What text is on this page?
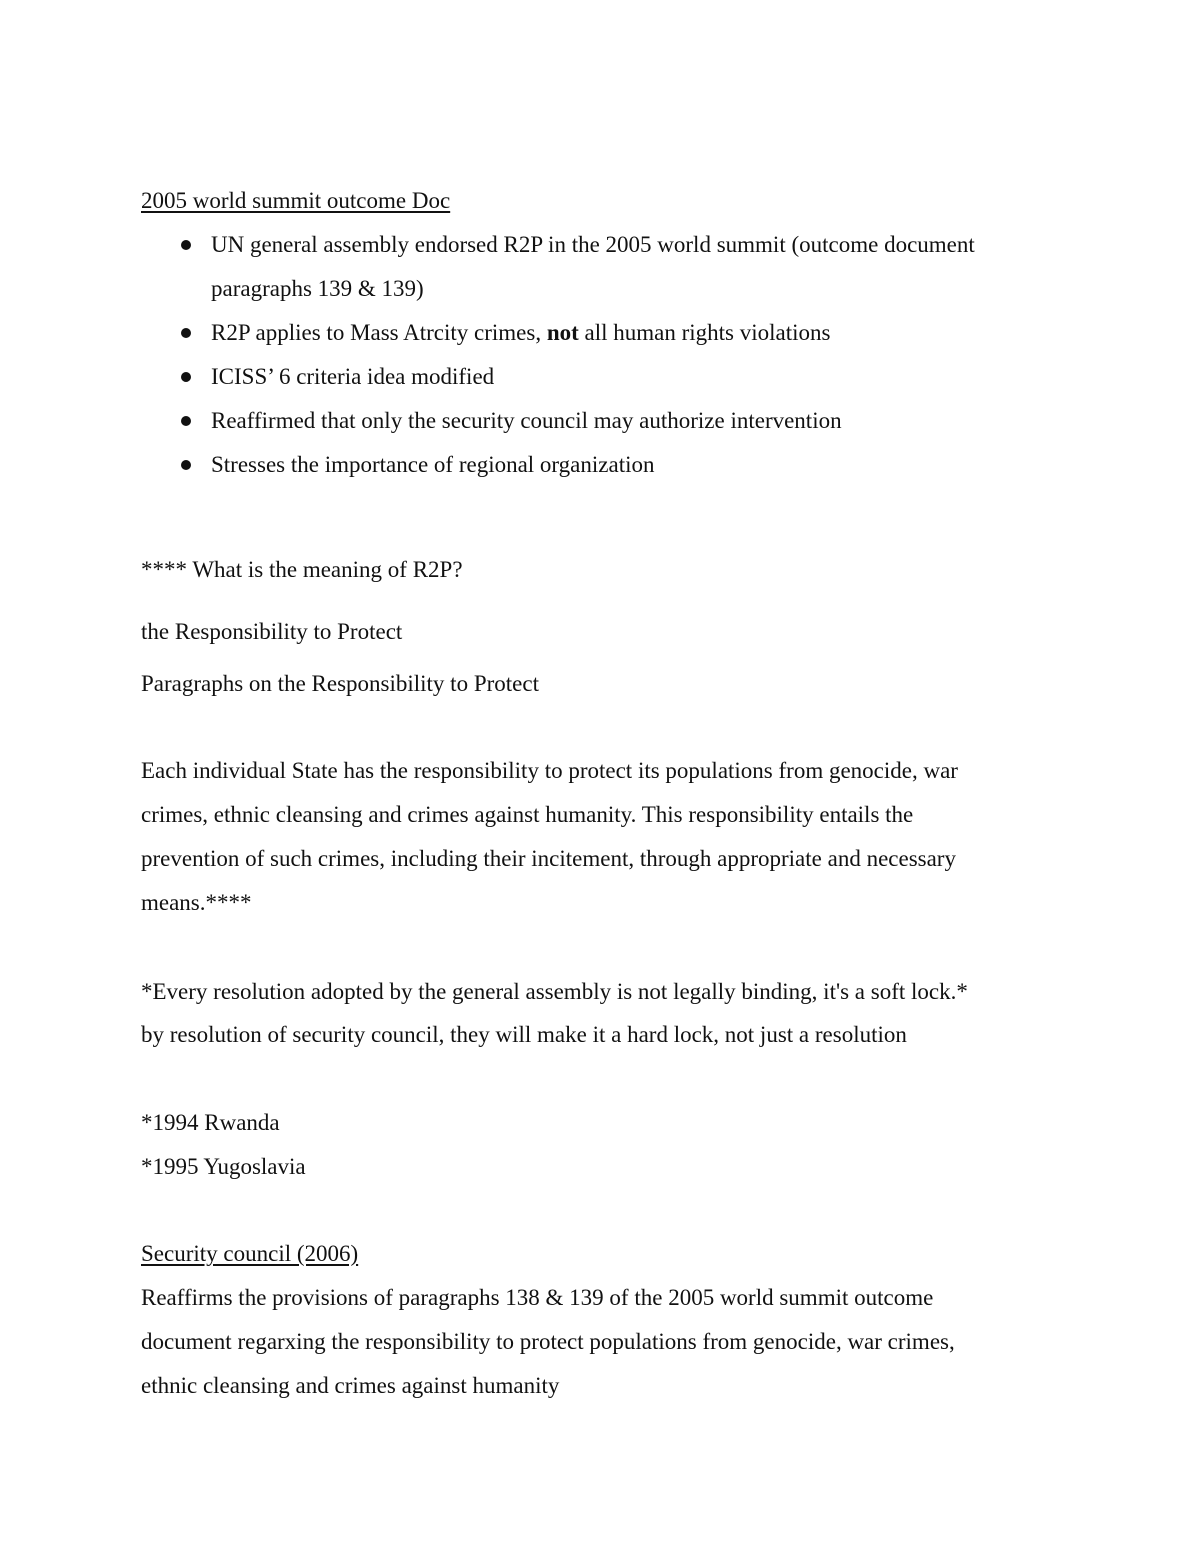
2005 world summit outcome Doc
UN general assembly endorsed R2P in the 2005 world summit (outcome document
paragraphs 139 & 139)
R2P applies to Mass Atrcity crimes, not all human rights violations
ICISS’ 6 criteria idea modified
Reaffirmed that only the security council may authorize intervention
Stresses the importance of regional organization
**** What is the meaning of R2P?
the Responsibility to Protect
Paragraphs on the Responsibility to Protect
Each individual State has the responsibility to protect its populations from genocide, war
crimes, ethnic cleansing and crimes against humanity. This responsibility entails the
prevention of such crimes, including their incitement, through appropriate and necessary
means.****
*Every resolution adopted by the general assembly is not legally binding, it's a soft lock.*
by resolution of security council, they will make it a hard lock, not just a resolution
*1994 Rwanda
*1995 Yugoslavia
Security council (2006)
Reaffirms the provisions of paragraphs 138 & 139 of the 2005 world summit outcome
document regarxing the responsibility to protect populations from genocide, war crimes,
ethnic cleansing and crimes against humanity
